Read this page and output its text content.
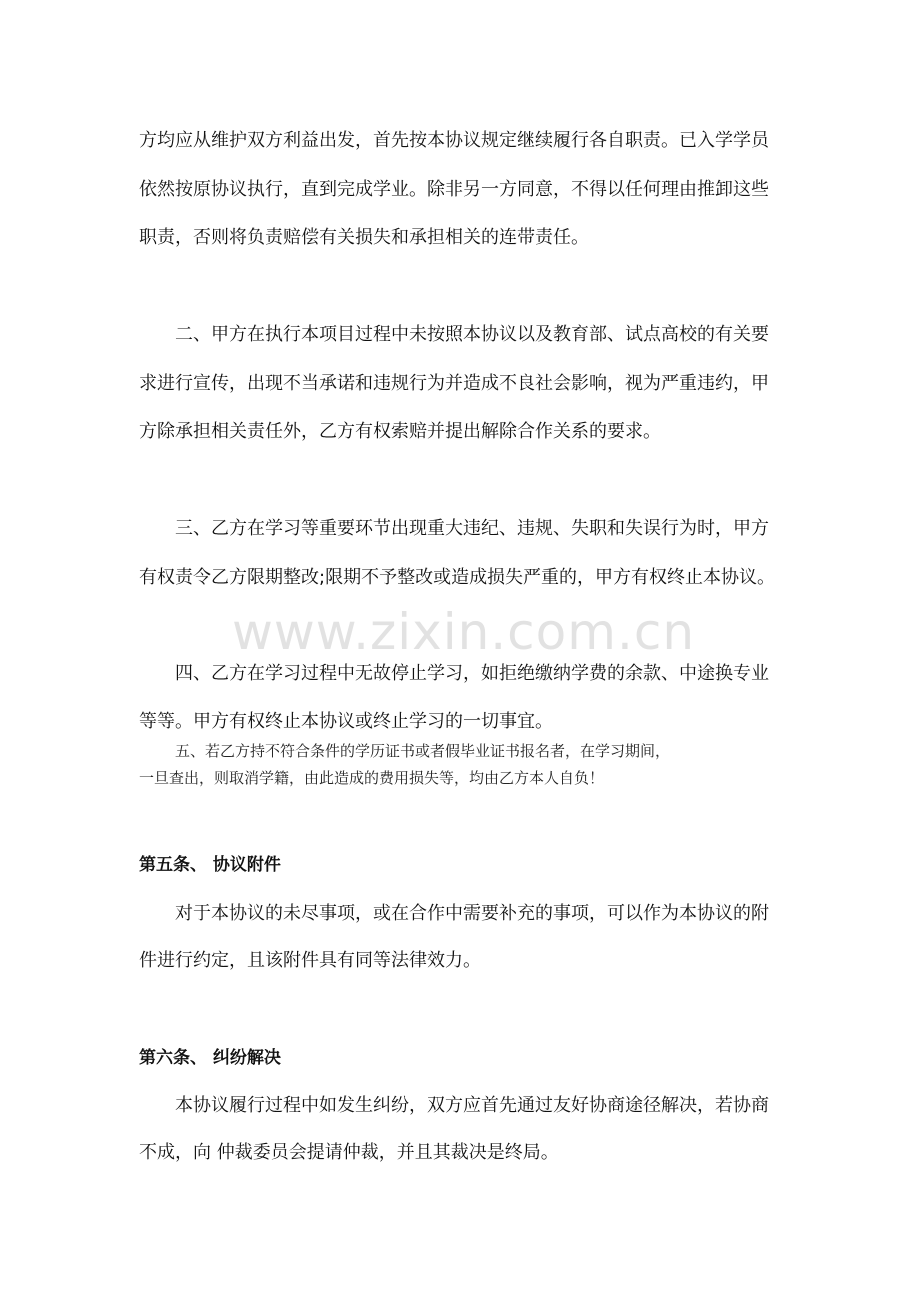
方均应从维护双方利益出发，首先按本协议规定继续履行各自职责。已入学学员
依然按原协议执行，直到完成学业。除非另一方同意，不得以任何理由推卸这些
职责，否则将负责赔偿有关损失和承担相关的连带责任。
二、甲方在执行本项目过程中未按照本协议以及教育部、试点高校的有关要
求进行宣传，出现不当承诺和违规行为并造成不良社会影响，视为严重违约，甲
方除承担相关责任外，乙方有权索赔并提出解除合作关系的要求。
三、乙方在学习等重要环节出现重大违纪、违规、失职和失误行为时，甲方
有权责令乙方限期整改;限期不予整改或造成损失严重的，甲方有权终止本协议。
www.zixin.com.cn
四、乙方在学习过程中无故停止学习，如拒绝缴纳学费的余款、中途换专业
等等。甲方有权终止本协议或终止学习的一切事宜。
五、若乙方持不符合条件的学历证书或者假毕业证书报名者，在学习期间，
一旦查出，则取消学籍，由此造成的费用损失等，均由乙方本人自负！
第五条、 协议附件
对于本协议的未尽事项，或在合作中需要补充的事项，可以作为本协议的附
件进行约定，且该附件具有同等法律效力。
第六条、 纠纷解决
本协议履行过程中如发生纠纷，双方应首先通过友好协商途径解决，若协商
不成，向 仲裁委员会提请仲裁，并且其裁决是终局。
